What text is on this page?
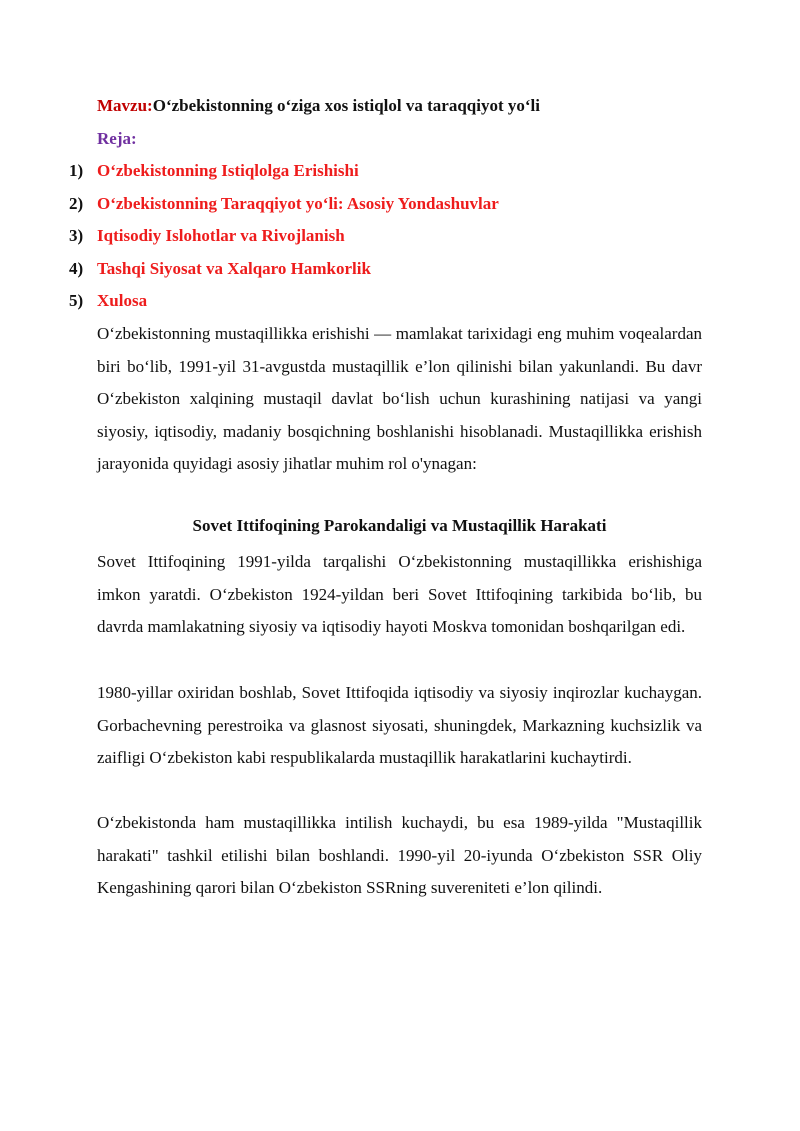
Mavzu:O‘zbekistonning o‘ziga xos istiqlol va taraqqiyot yo‘li
Reja:
1) O‘zbekistonning Istiqlolga Erishishi
2) O‘zbekistonning Taraqqiyot yo‘li: Asosiy Yondashuvlar
3) Iqtisodiy Islohotlar va Rivojlanish
4) Tashqi Siyosat va Xalqaro Hamkorlik
5) Xulosa

O‘zbekistonning mustaqillikka erishishi — mamlakat tarixidagi eng muhim voqealardan biri bo‘lib, 1991-yil 31-avgustda mustaqillik e’lon qilinishi bilan yakunlandi. Bu davr O‘zbekiston xalqining mustaqil davlat bo‘lish uchun kurashining natijasi va yangi siyosiy, iqtisodiy, madaniy bosqichning boshlanishi hisoblanadi. Mustaqillikka erishish jarayonida quyidagi asosiy jihatlar muhim rol o'ynagan:

Sovet Ittifoqining Parokandaligi va Mustaqillik Harakati

Sovet Ittifoqining 1991-yilda tarqalishi O‘zbekistonning mustaqillikka erishishiga imkon yaratdi. O‘zbekiston 1924-yildan beri Sovet Ittifoqining tarkibida bo‘lib, bu davrda mamlakatning siyosiy va iqtisodiy hayoti Moskva tomonidan boshqarilgan edi.

1980-yillar oxiridan boshlab, Sovet Ittifoqida iqtisodiy va siyosiy inqirozlar kuchaygan. Gorbachevning perestroika va glasnost siyosati, shuningdek, Markazning kuchsizlik va zaifligi O‘zbekiston kabi respublikalarda mustaqillik harakatlarini kuchaytirdi.

O‘zbekistonda ham mustaqillikka intilish kuchaydi, bu esa 1989-yilda "Mustaqillik harakati" tashkil etilishi bilan boshlandi. 1990-yil 20-iyunda O‘zbekiston SSR Oliy Kengashining qarori bilan O‘zbekiston SSRning suvereniteti e’lon qilindi.
